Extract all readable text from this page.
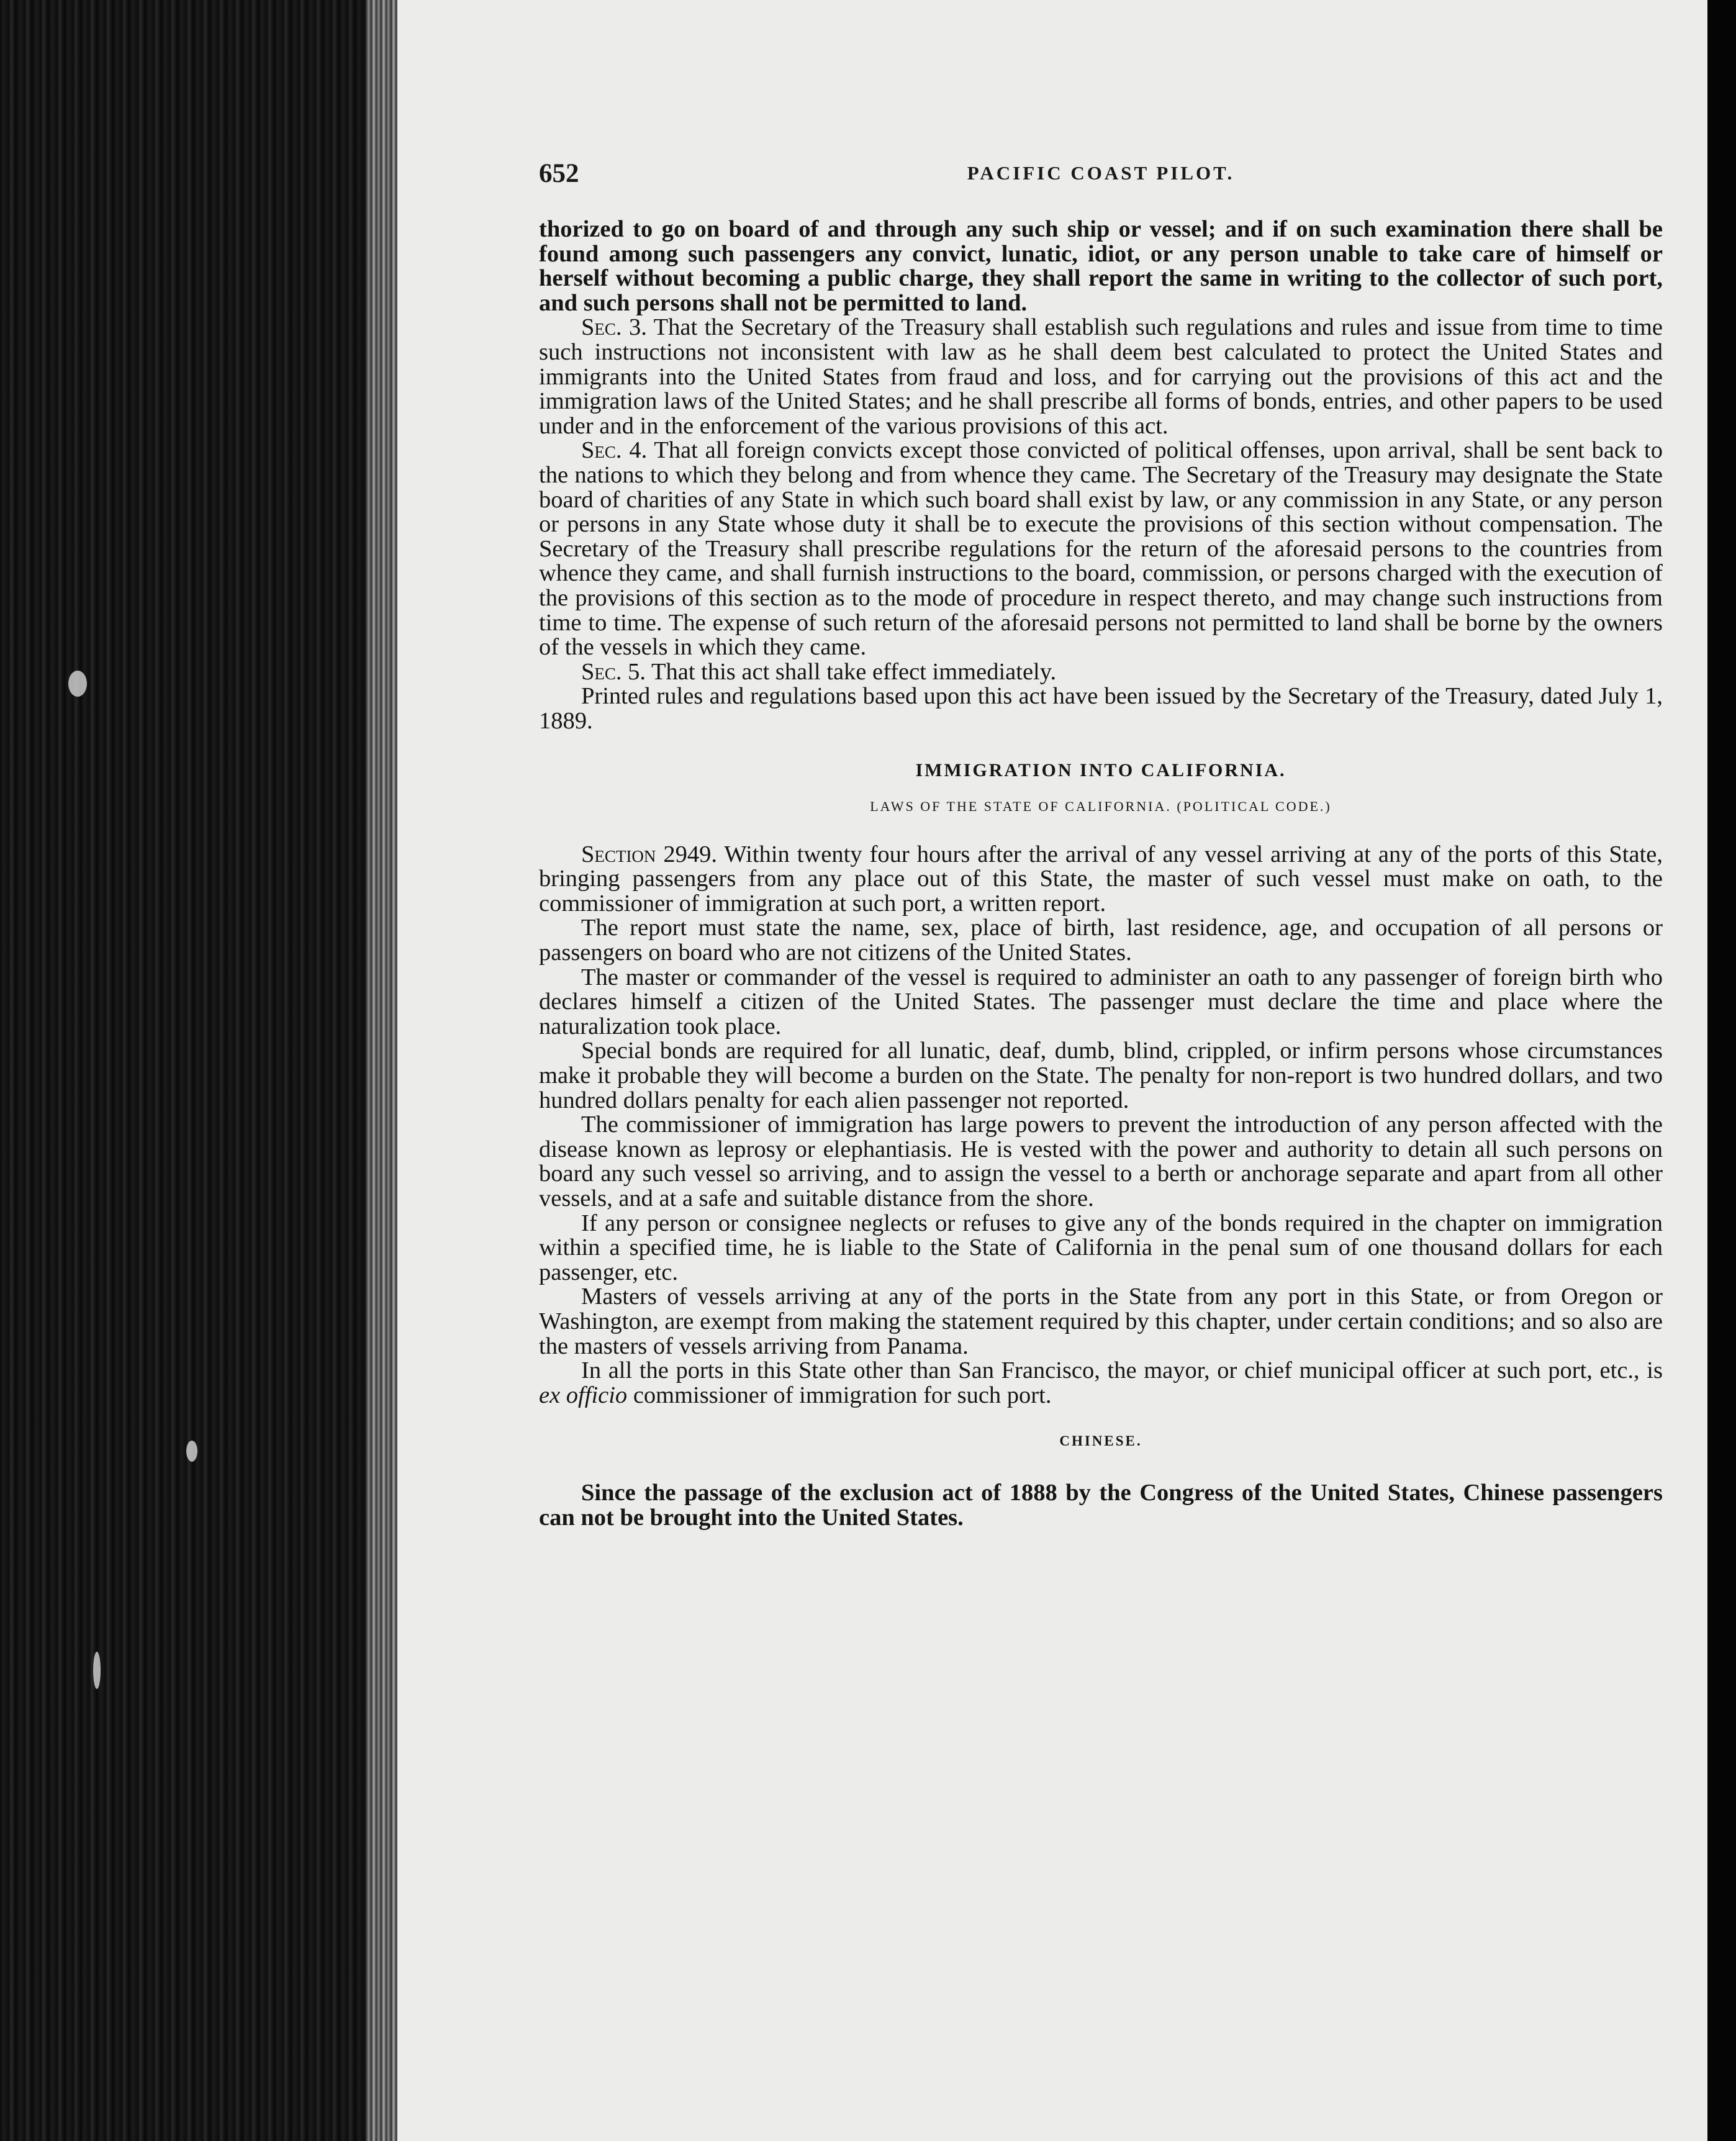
652	PACIFIC COAST PILOT.

thorized to go on board of and through any such ship or vessel; and if on such examination there shall be found among such passengers any convict, lunatic, idiot, or any person unable to take care of himself or herself without becoming a public charge, they shall report the same in writing to the collector of such port, and such persons shall not be permitted to land.

Sec. 3. That the Secretary of the Treasury shall establish such regulations and rules and issue from time to time such instructions not inconsistent with law as he shall deem best calculated to protect the United States and immigrants into the United States from fraud and loss, and for carrying out the provisions of this act and the immigration laws of the United States; and he shall prescribe all forms of bonds, entries, and other papers to be used under and in the enforcement of the various provisions of this act.

Sec. 4. That all foreign convicts except those convicted of political offenses, upon arrival, shall be sent back to the nations to which they belong and from whence they came. The Secretary of the Treasury may designate the State board of charities of any State in which such board shall exist by law, or any commission in any State, or any person or persons in any State whose duty it shall be to execute the provisions of this section without compensation. The Secretary of the Treasury shall prescribe regulations for the return of the aforesaid persons to the countries from whence they came, and shall furnish instructions to the board, commission, or persons charged with the execution of the provisions of this section as to the mode of procedure in respect thereto, and may change such instructions from time to time. The expense of such return of the aforesaid persons not permitted to land shall be borne by the owners of the vessels in which they came.

Sec. 5. That this act shall take effect immediately.

Printed rules and regulations based upon this act have been issued by the Secretary of the Treasury, dated July 1, 1889.

IMMIGRATION INTO CALIFORNIA.
LAWS OF THE STATE OF CALIFORNIA. (POLITICAL CODE.)

Section 2949. Within twenty four hours after the arrival of any vessel arriving at any of the ports of this State, bringing passengers from any place out of this State, the master of such vessel must make on oath, to the commissioner of immigration at such port, a written report.

The report must state the name, sex, place of birth, last residence, age, and occupation of all persons or passengers on board who are not citizens of the United States.

The master or commander of the vessel is required to administer an oath to any passenger of foreign birth who declares himself a citizen of the United States. The passenger must declare the time and place where the naturalization took place.

Special bonds are required for all lunatic, deaf, dumb, blind, crippled, or infirm persons whose circumstances make it probable they will become a burden on the State. The penalty for non-report is two hundred dollars, and two hundred dollars penalty for each alien passenger not reported.

The commissioner of immigration has large powers to prevent the introduction of any person affected with the disease known as leprosy or elephantiasis. He is vested with the power and authority to detain all such persons on board any such vessel so arriving, and to assign the vessel to a berth or anchorage separate and apart from all other vessels, and at a safe and suitable distance from the shore.

If any person or consignee neglects or refuses to give any of the bonds required in the chapter on immigration within a specified time, he is liable to the State of California in the penal sum of one thousand dollars for each passenger, etc.

Masters of vessels arriving at any of the ports in the State from any port in this State, or from Oregon or Washington, are exempt from making the statement required by this chapter, under certain conditions; and so also are the masters of vessels arriving from Panama.

In all the ports in this State other than San Francisco, the mayor, or chief municipal officer at such port, etc., is ex officio commissioner of immigration for such port.

CHINESE.

Since the passage of the exclusion act of 1888 by the Congress of the United States, Chinese passengers can not be brought into the United States.
